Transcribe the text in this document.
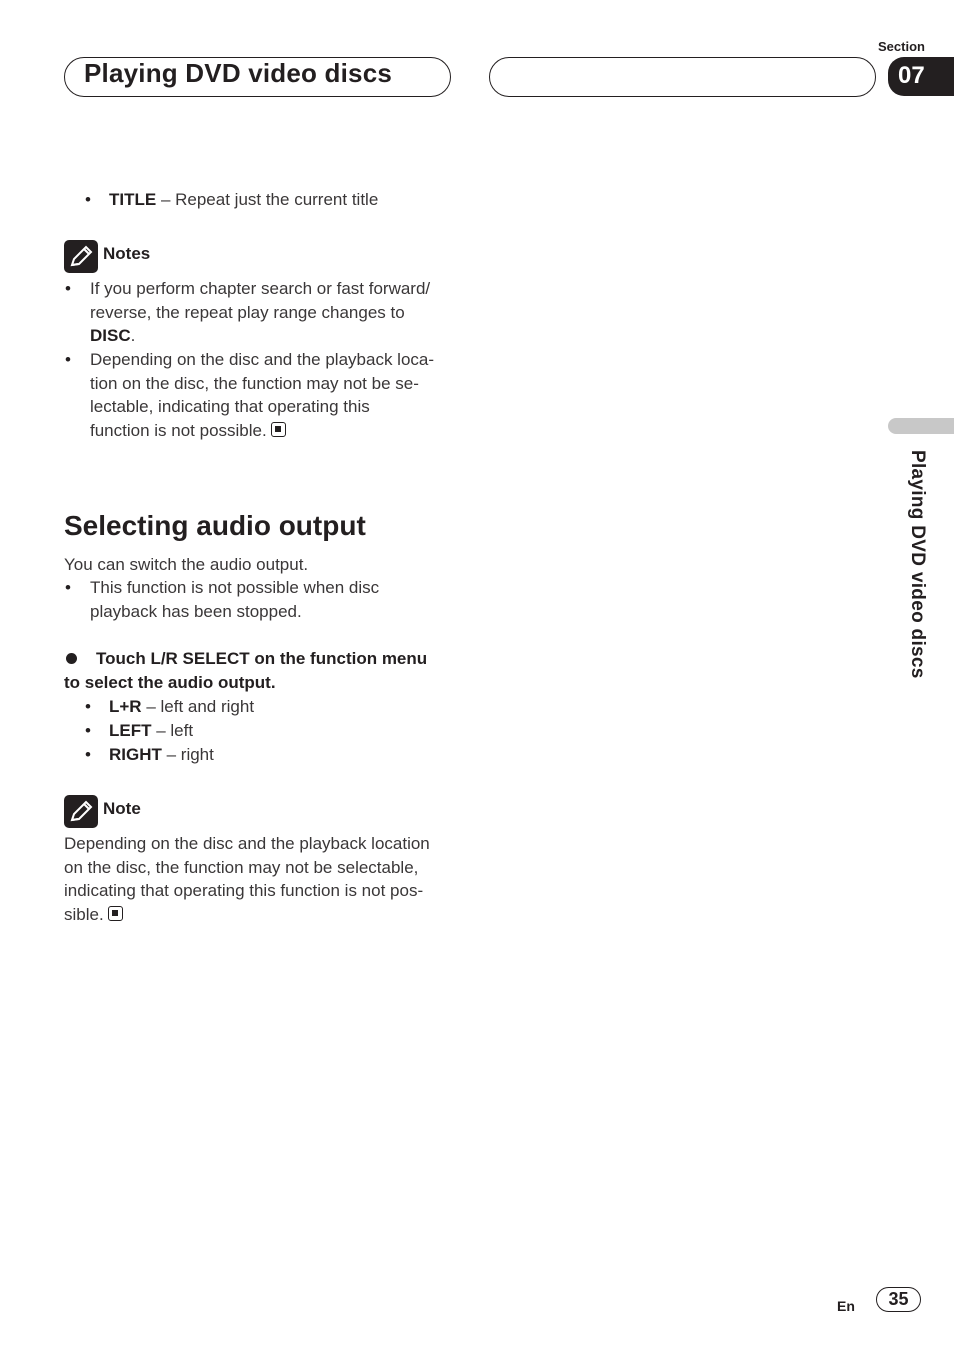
Playing DVD video discs
Section
07
• TITLE – Repeat just the current title
Notes
• If you perform chapter search or fast forward/
reverse, the repeat play range changes to
DISC.
• Depending on the disc and the playback loca-
tion on the disc, the function may not be se-
lectable, indicating that operating this
function is not possible.
Selecting audio output
You can switch the audio output.
• This function is not possible when disc
playback has been stopped.
Touch L/R SELECT on the function menu
to select the audio output.
• L+R – left and right
• LEFT – left
• RIGHT – right
Note
Depending on the disc and the playback location
on the disc, the function may not be selectable,
indicating that operating this function is not pos-
sible.
Playing DVD video discs
En	35
